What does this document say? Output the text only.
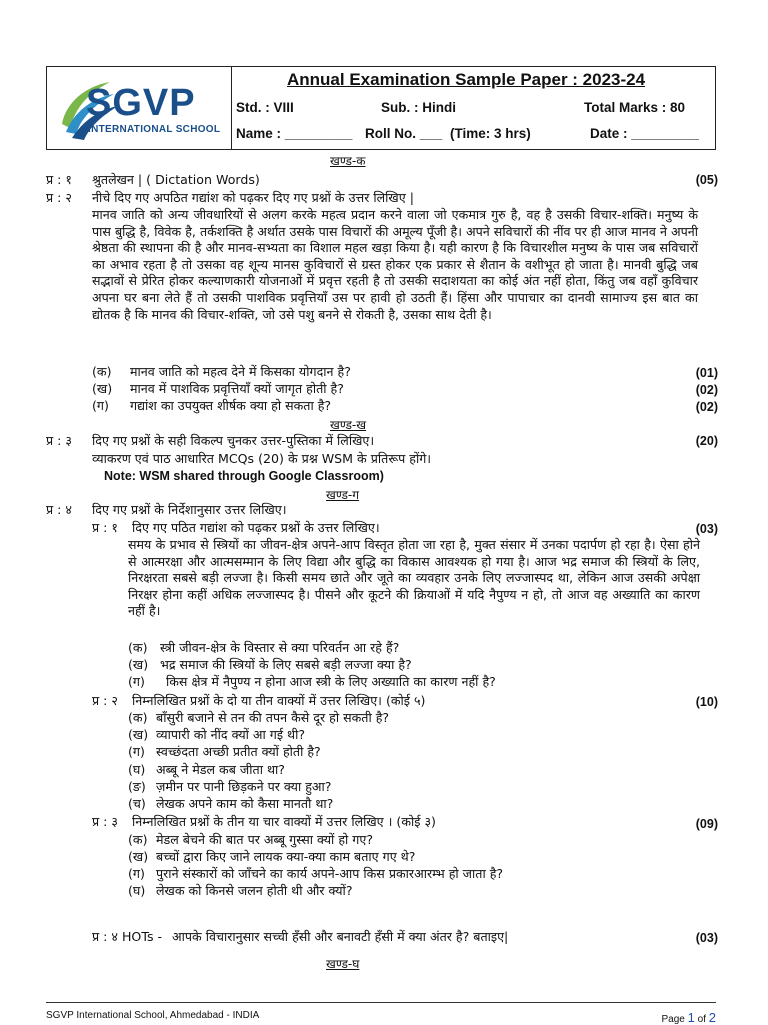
SGVP
INTERNATIONAL SCHOOL
Annual Examination Sample Paper : 2023-24
Std. : VIII	Sub. : Hindi	Total Marks : 80
Name : _________ Roll No. ___ (Time: 3 hrs)	Date : _________
खण्ड-क
प्र : १ श्रुतलेखन | ( Dictation Words)	(05)
प्र : २ नीचे दिए गए अपठित गद्यांश को पढ़कर दिए गए प्रश्नों के उत्तर लिखिए |
मानव जाति को अन्य जीवधारियों से अलग करके महत्व प्रदान करने वाला जो एकमात्र गुरु है, वह है उसकी विचार-शक्ति। मनुष्य के पास बुद्धि है, विवेक है, तर्कशक्ति है अर्थात उसके पास विचारों की अमूल्य पूँजी है। अपने सविचारों की नींव पर ही आज मानव ने अपनी श्रेष्ठता की स्थापना की है और मानव-सभ्यता का विशाल महल खड़ा किया है। यही कारण है कि विचारशील मनुष्य के पास जब सविचारों का अभाव रहता है तो उसका वह शून्य मानस कुविचारों से ग्रस्त होकर एक प्रकार से शैतान के वशीभूत हो जाता है। मानवी बुद्धि जब सद्भावों से प्रेरित होकर कल्याणकारी योजनाओं में प्रवृत्त रहती है तो उसकी सदाशयता का कोई अंत नहीं होता, किंतु जब वहाँ कुविचार अपना घर बना लेते हैं तो उसकी पाशविक प्रवृत्तियाँ उस पर हावी हो उठती हैं। हिंसा और पापाचार का दानवी सामाज्य इस बात का द्योतक है कि मानव की विचार-शक्ति, जो उसे पशु बनने से रोकती है, उसका साथ देती है।
(क) मानव जाति को महत्व देने में किसका योगदान है?	(01)
(ख) मानव में पाशविक प्रवृत्तियाँ क्यों जागृत होती है?	(02)
(ग) गद्यांश का उपयुक्त शीर्षक क्या हो सकता है?	(02)
खण्ड-ख
प्र : ३ दिए गए प्रश्नों के सही विकल्प चुनकर उत्तर-पुस्तिका में लिखिए।	(20)
व्याकरण एवं पाठ आधारित MCQs (20) के प्रश्न WSM के प्रतिरूप होंगे।
Note: WSM shared through Google Classroom)
खण्ड-ग
प्र : ४ दिए गए प्रश्नों के निर्देशानुसार उत्तर लिखिए।
प्र : १ दिए गए पठित गद्यांश को पढ़कर प्रश्नों के उत्तर लिखिए।	(03)
समय के प्रभाव से स्त्रियों का जीवन-क्षेत्र अपने-आप विस्तृत होता जा रहा है, मुक्त संसार में उनका पदार्पण हो रहा है। ऐसा होने से आत्मरक्षा और आत्मसम्मान के लिए विद्या और बुद्धि का विकास आवश्यक हो गया है। आज भद्र समाज की स्त्रियों के लिए, निरक्षरता सबसे बड़ी लज्जा है। किसी समय छाते और जूते का व्यवहार उनके लिए लज्जास्पद था, लेकिन आज उसकी अपेक्षा निरक्षर होना कहीं अधिक लज्जास्पद है। पीसने और कूटने की क्रियाओं में यदि नैपुण्य न हो, तो आज वह अख्याति का कारण नहीं है।
(क) स्त्री जीवन-क्षेत्र के विस्तार से क्या परिवर्तन आ रहे हैं?
(ख) भद्र समाज की स्त्रियों के लिए सबसे बड़ी लज्जा क्या है?
(ग) किस क्षेत्र में नैपुण्य न होना आज स्त्री के लिए अख्याति का कारण नहीं है?
प्र : २ निम्नलिखित प्रश्नों के दो या तीन वाक्यों में उत्तर लिखिए। (कोई ५)	(10)
(क) बाँसुरी बजाने से तन की तपन कैसे दूर हो सकती है?
(ख) व्यापारी को नींद क्यों आ गई थी?
(ग) स्वच्छंदता अच्छी प्रतीत क्यों होती है?
(घ) अब्बू ने मेडल कब जीता था?
(ङ) ज़मीन पर पानी छिड़कने पर क्या हुआ?
(च) लेखक अपने काम को कैसा मानतौ था?
प्र : ३ निम्नलिखित प्रश्नों के तीन या चार वाक्यों में उत्तर लिखिए । (कोई ३)	(09)
(क) मेडल बेचने की बात पर अब्बू गुस्सा क्यों हो गए?
(ख) बच्चों द्वारा किए जाने लायक क्या-क्या काम बताए गए थे?
(ग) पुराने संस्कारों को जाँचने का कार्य अपने-आप किस प्रकारआरम्भ हो जाता है?
(घ) लेखक को किनसे जलन होती थी और क्यों?
प्र : ४ HOTs - आपके विचारानुसार सच्ची हँसी और बनावटी हँसी में क्या अंतर है? बताइए|	(03)
खण्ड-घ
SGVP International School, Ahmedabad - INDIA	Page 1 of 2
